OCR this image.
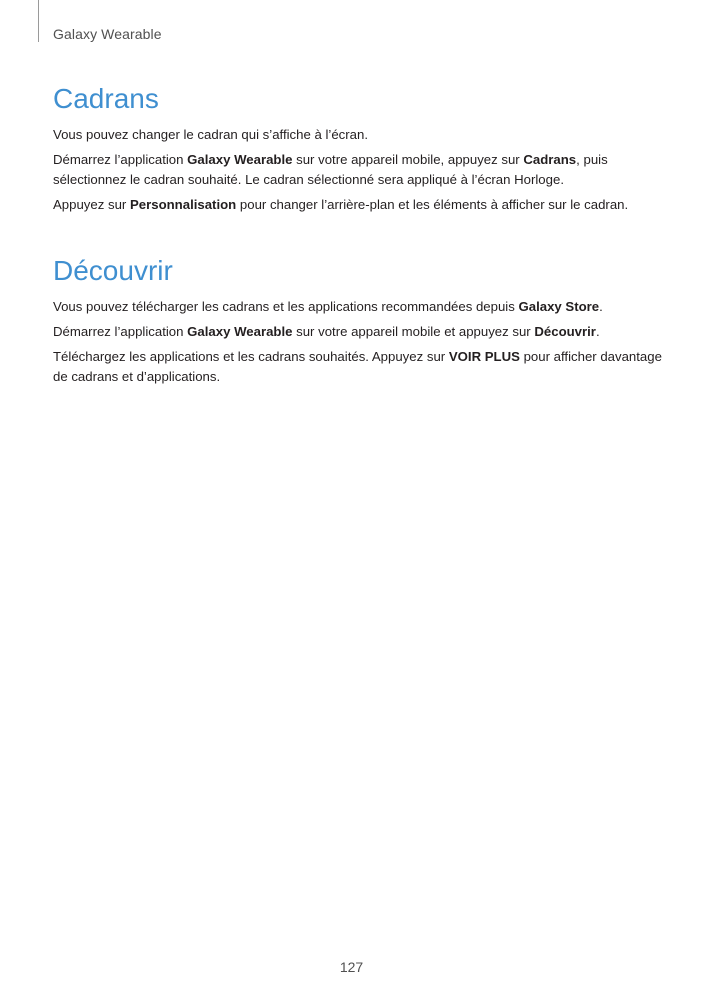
Galaxy Wearable
Cadrans

Vous pouvez changer le cadran qui s’affiche à l’écran.

Démarrez l’application Galaxy Wearable sur votre appareil mobile, appuyez sur Cadrans, puis sélectionnez le cadran souhaité. Le cadran sélectionné sera appliqué à l’écran Horloge.

Appuyez sur Personnalisation pour changer l’arrière-plan et les éléments à afficher sur le cadran.

Découvrir

Vous pouvez télécharger les cadrans et les applications recommandées depuis Galaxy Store.

Démarrez l’application Galaxy Wearable sur votre appareil mobile et appuyez sur Découvrir.

Téléchargez les applications et les cadrans souhaités. Appuyez sur VOIR PLUS pour afficher davantage de cadrans et d’applications.

127
